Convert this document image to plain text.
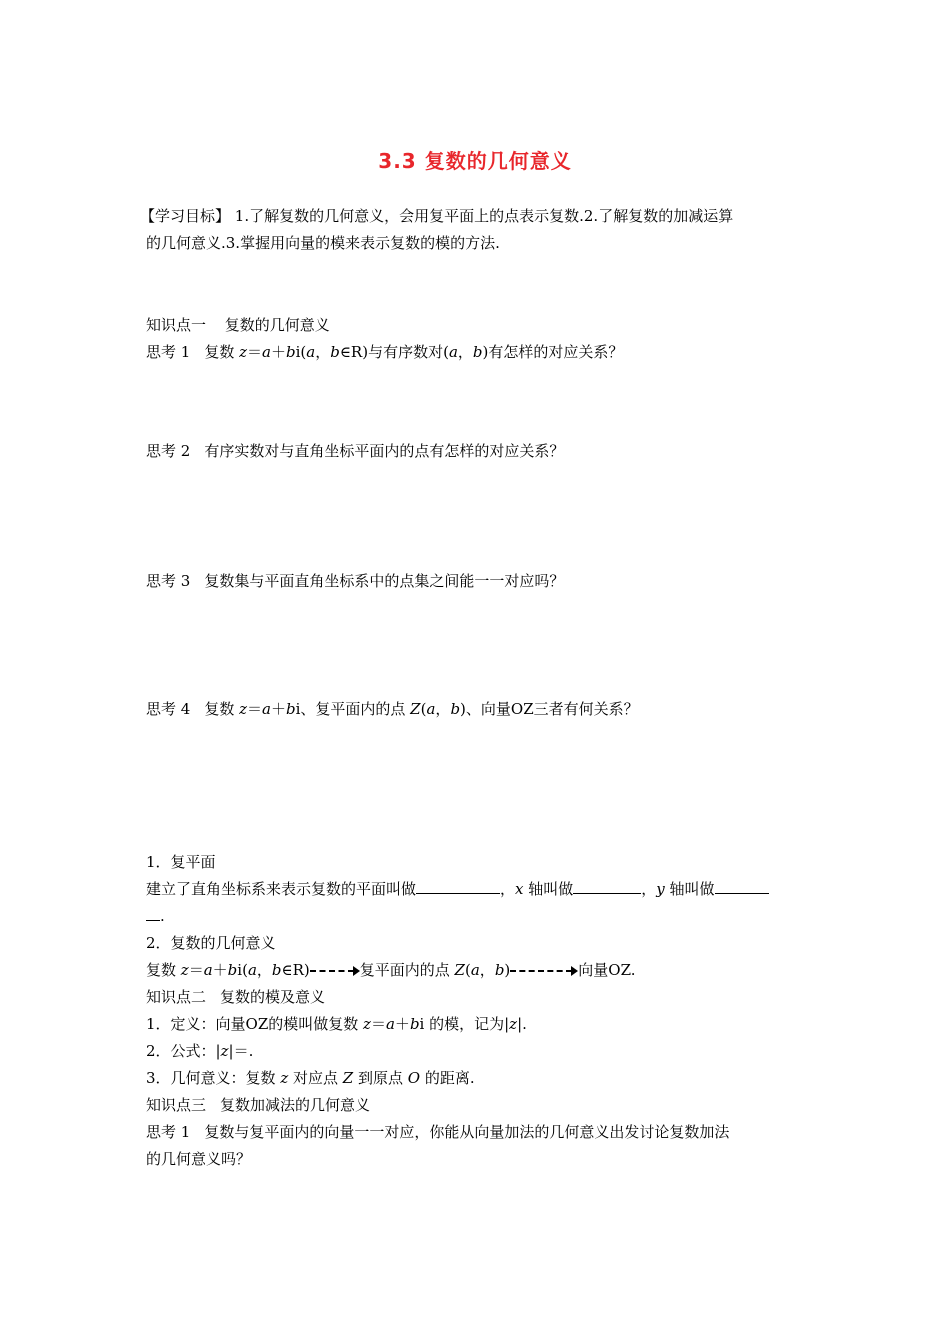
3.3 复数的几何意义
【学习目标】 1.了解复数的几何意义，会用复平面上的点表示复数.2.了解复数的加减运算
的几何意义.3.掌握用向量的模来表示复数的模的方法.
知识点一 复数的几何意义
思考 1 复数 z＝a＋bi(a，b∈R)与有序数对(a，b)有怎样的对应关系？
思考 2 有序实数对与直角坐标平面内的点有怎样的对应关系？
思考 3 复数集与平面直角坐标系中的点集之间能一一对应吗？
思考 4 复数 z＝a＋bi、复平面内的点 Z(a，b)、向量OZ三者有何关系？
1．复平面
建立了直角坐标系来表示复数的平面叫做	，x 轴叫做	，y 轴叫做
.
2．复数的几何意义
复数 z＝a＋bi(a，b∈R)	复平面内的点 Z(a，b)	向量OZ.
知识点二 复数的模及意义
1．定义：向量OZ的模叫做复数 z＝a＋bi 的模，记为|z|.
2．公式：|z|＝.
3．几何意义：复数 z 对应点 Z 到原点 O 的距离.
知识点三 复数加减法的几何意义
思考 1 复数与复平面内的向量一一对应，你能从向量加法的几何意义出发讨论复数加法
的几何意义吗？
